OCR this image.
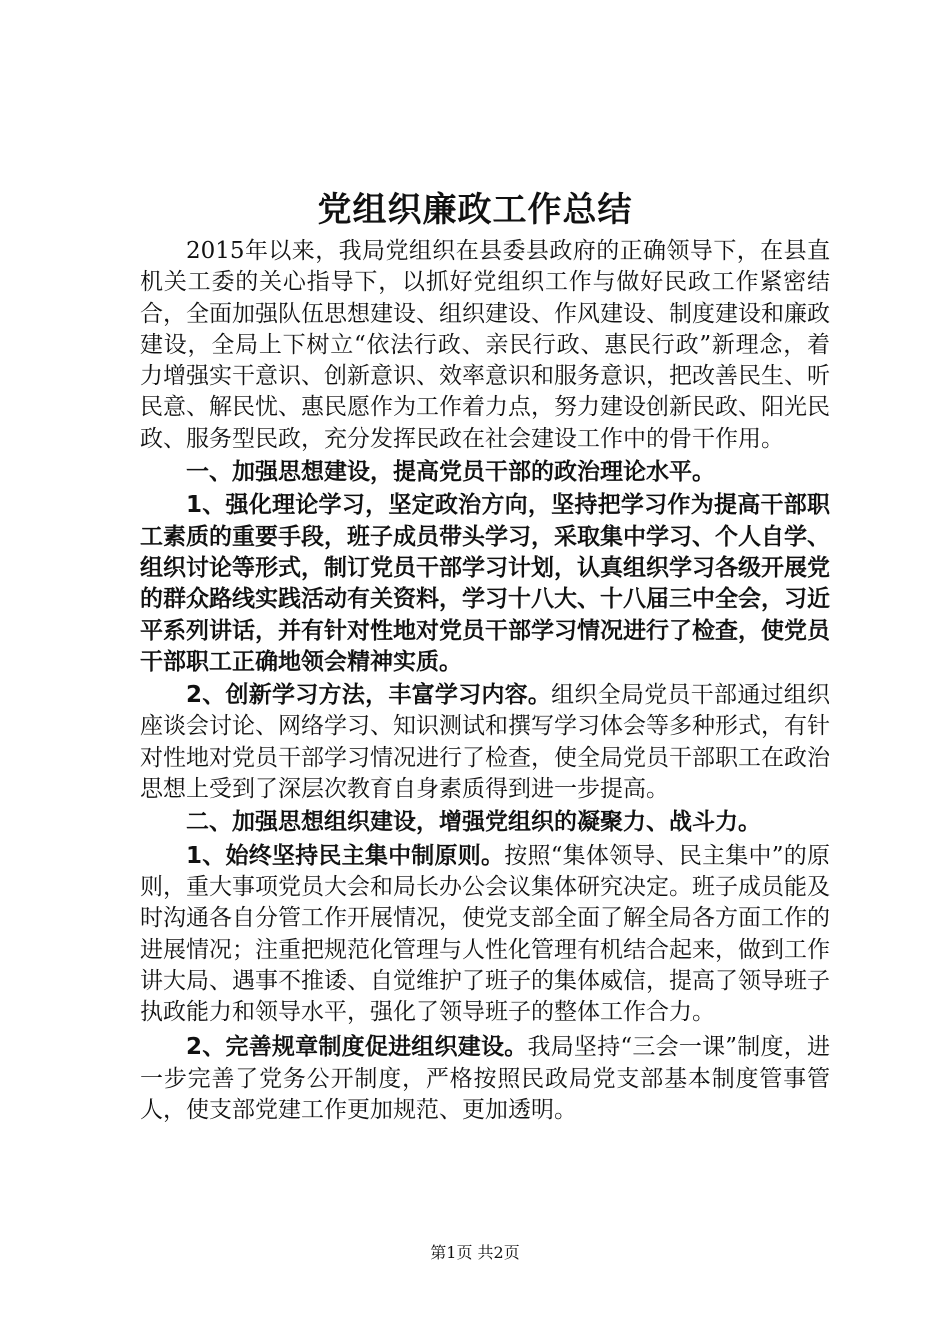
党组织廉政工作总结

2015年以来，我局党组织在县委县政府的正确领导下，在县直机关工委的关心指导下，以抓好党组织工作与做好民政工作紧密结合，全面加强队伍思想建设、组织建设、作风建设、制度建设和廉政建设，全局上下树立“依法行政、亲民行政、惠民行政”新理念，着力增强实干意识、创新意识、效率意识和服务意识，把改善民生、听民意、解民忧、惠民愿作为工作着力点，努力建设创新民政、阳光民政、服务型民政，充分发挥民政在社会建设工作中的骨干作用。

一、加强思想建设，提高党员干部的政治理论水平。

1、强化理论学习，坚定政治方向，坚持把学习作为提高干部职工素质的重要手段，班子成员带头学习，采取集中学习、个人自学、组织讨论等形式，制订党员干部学习计划，认真组织学习各级开展党的群众路线实践活动有关资料，学习十八大、十八届三中全会，习近平系列讲话，并有针对性地对党员干部学习情况进行了检查，使党员干部职工正确地领会精神实质。

2、创新学习方法，丰富学习内容。组织全局党员干部通过组织座谈会讨论、网络学习、知识测试和撰写学习体会等多种形式，有针对性地对党员干部学习情况进行了检查，使全局党员干部职工在政治思想上受到了深层次教育自身素质得到进一步提高。

二、加强思想组织建设，增强党组织的凝聚力、战斗力。

1、始终坚持民主集中制原则。按照“集体领导、民主集中”的原则，重大事项党员大会和局长办公会议集体研究决定。班子成员能及时沟通各自分管工作开展情况，使党支部全面了解全局各方面工作的进展情况；注重把规范化管理与人性化管理有机结合起来，做到工作讲大局、遇事不推诿、自觉维护了班子的集体威信，提高了领导班子执政能力和领导水平，强化了领导班子的整体工作合力。

2、完善规章制度促进组织建设。我局坚持“三会一课”制度，进一步完善了党务公开制度，严格按照民政局党支部基本制度管事管人，使支部党建工作更加规范、更加透明。

第1页 共2页
